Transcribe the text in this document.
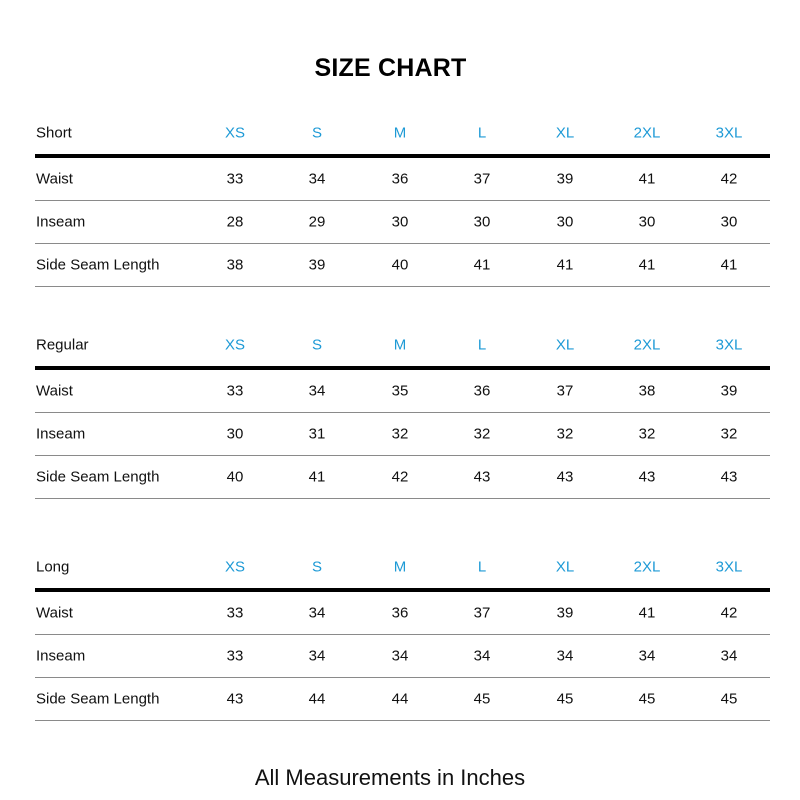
SIZE CHART
Short	XS	S	M	L	XL	2XL	3XL
Waist	33	34	36	37	39	41	42
Inseam	28	29	30	30	30	30	30
Side Seam Length	38	39	40	41	41	41	41
Regular	XS	S	M	L	XL	2XL	3XL
Waist	33	34	35	36	37	38	39
Inseam	30	31	32	32	32	32	32
Side Seam Length	40	41	42	43	43	43	43
Long	XS	S	M	L	XL	2XL	3XL
Waist	33	34	36	37	39	41	42
Inseam	33	34	34	34	34	34	34
Side Seam Length	43	44	44	45	45	45	45
All Measurements in Inches
